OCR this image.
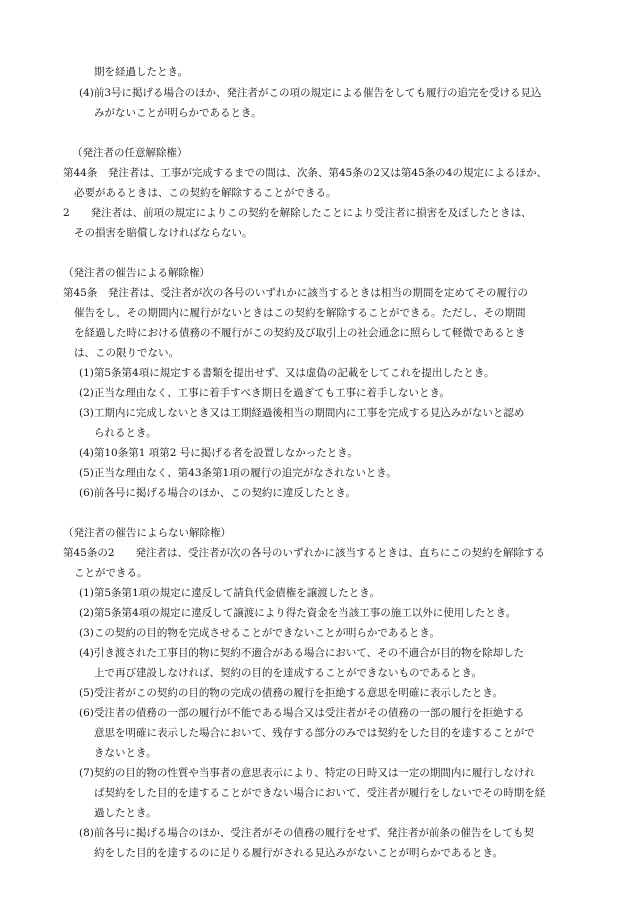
期を経過したとき。
(4)前3号に掲げる場合のほか、発注者がこの項の規定による催告をしても履行の追完を受ける見込
みがないことが明らかであるとき。
（発注者の任意解除権）
第44条　発注者は、工事が完成するまでの間は、次条、第45条の2又は第45条の4の規定によるほか、
必要があるときは、この契約を解除することができる。
2　　発注者は、前項の規定によりこの契約を解除したことにより受注者に損害を及ぼしたときは、
その損害を賠償しなければならない。
（発注者の催告による解除権）
第45条　発注者は、受注者が次の各号のいずれかに該当するときは相当の期間を定めてその履行の
催告をし、その期間内に履行がないときはこの契約を解除することができる。ただし、その期間
を経過した時における債務の不履行がこの契約及び取引上の社会通念に照らして軽微であるとき
は、この限りでない。
(1)第5条第4項に規定する書類を提出せず、又は虚偽の記載をしてこれを提出したとき。
(2)正当な理由なく、工事に着手すべき期日を過ぎても工事に着手しないとき。
(3)工期内に完成しないとき又は工期経過後相当の期間内に工事を完成する見込みがないと認め
られるとき。
(4)第10条第1 項第2 号に掲げる者を設置しなかったとき。
(5)正当な理由なく、第43条第1項の履行の追完がなされないとき。
(6)前各号に掲げる場合のほか、この契約に違反したとき。
（発注者の催告によらない解除権）
第45条の2　　発注者は、受注者が次の各号のいずれかに該当するときは、直ちにこの契約を解除する
ことができる。
(1)第5条第1項の規定に違反して請負代金債権を譲渡したとき。
(2)第5条第4項の規定に違反して譲渡により得た資金を当該工事の施工以外に使用したとき。
(3)この契約の目的物を完成させることができないことが明らかであるとき。
(4)引き渡された工事目的物に契約不適合がある場合において、その不適合が目的物を除却した
上で再び建設しなければ、契約の目的を達成することができないものであるとき。
(5)受注者がこの契約の目的物の完成の債務の履行を拒絶する意思を明確に表示したとき。
(6)受注者の債務の一部の履行が不能である場合又は受注者がその債務の一部の履行を拒絶する
意思を明確に表示した場合において、残存する部分のみでは契約をした目的を達することがで
きないとき。
(7)契約の目的物の性質や当事者の意思表示により、特定の日時又は一定の期間内に履行しなけれ
ば契約をした目的を達することができない場合において、受注者が履行をしないでその時期を経
過したとき。
(8)前各号に掲げる場合のほか、受注者がその債務の履行をせず、発注者が前条の催告をしても契
約をした目的を達するのに足りる履行がされる見込みがないことが明らかであるとき。
